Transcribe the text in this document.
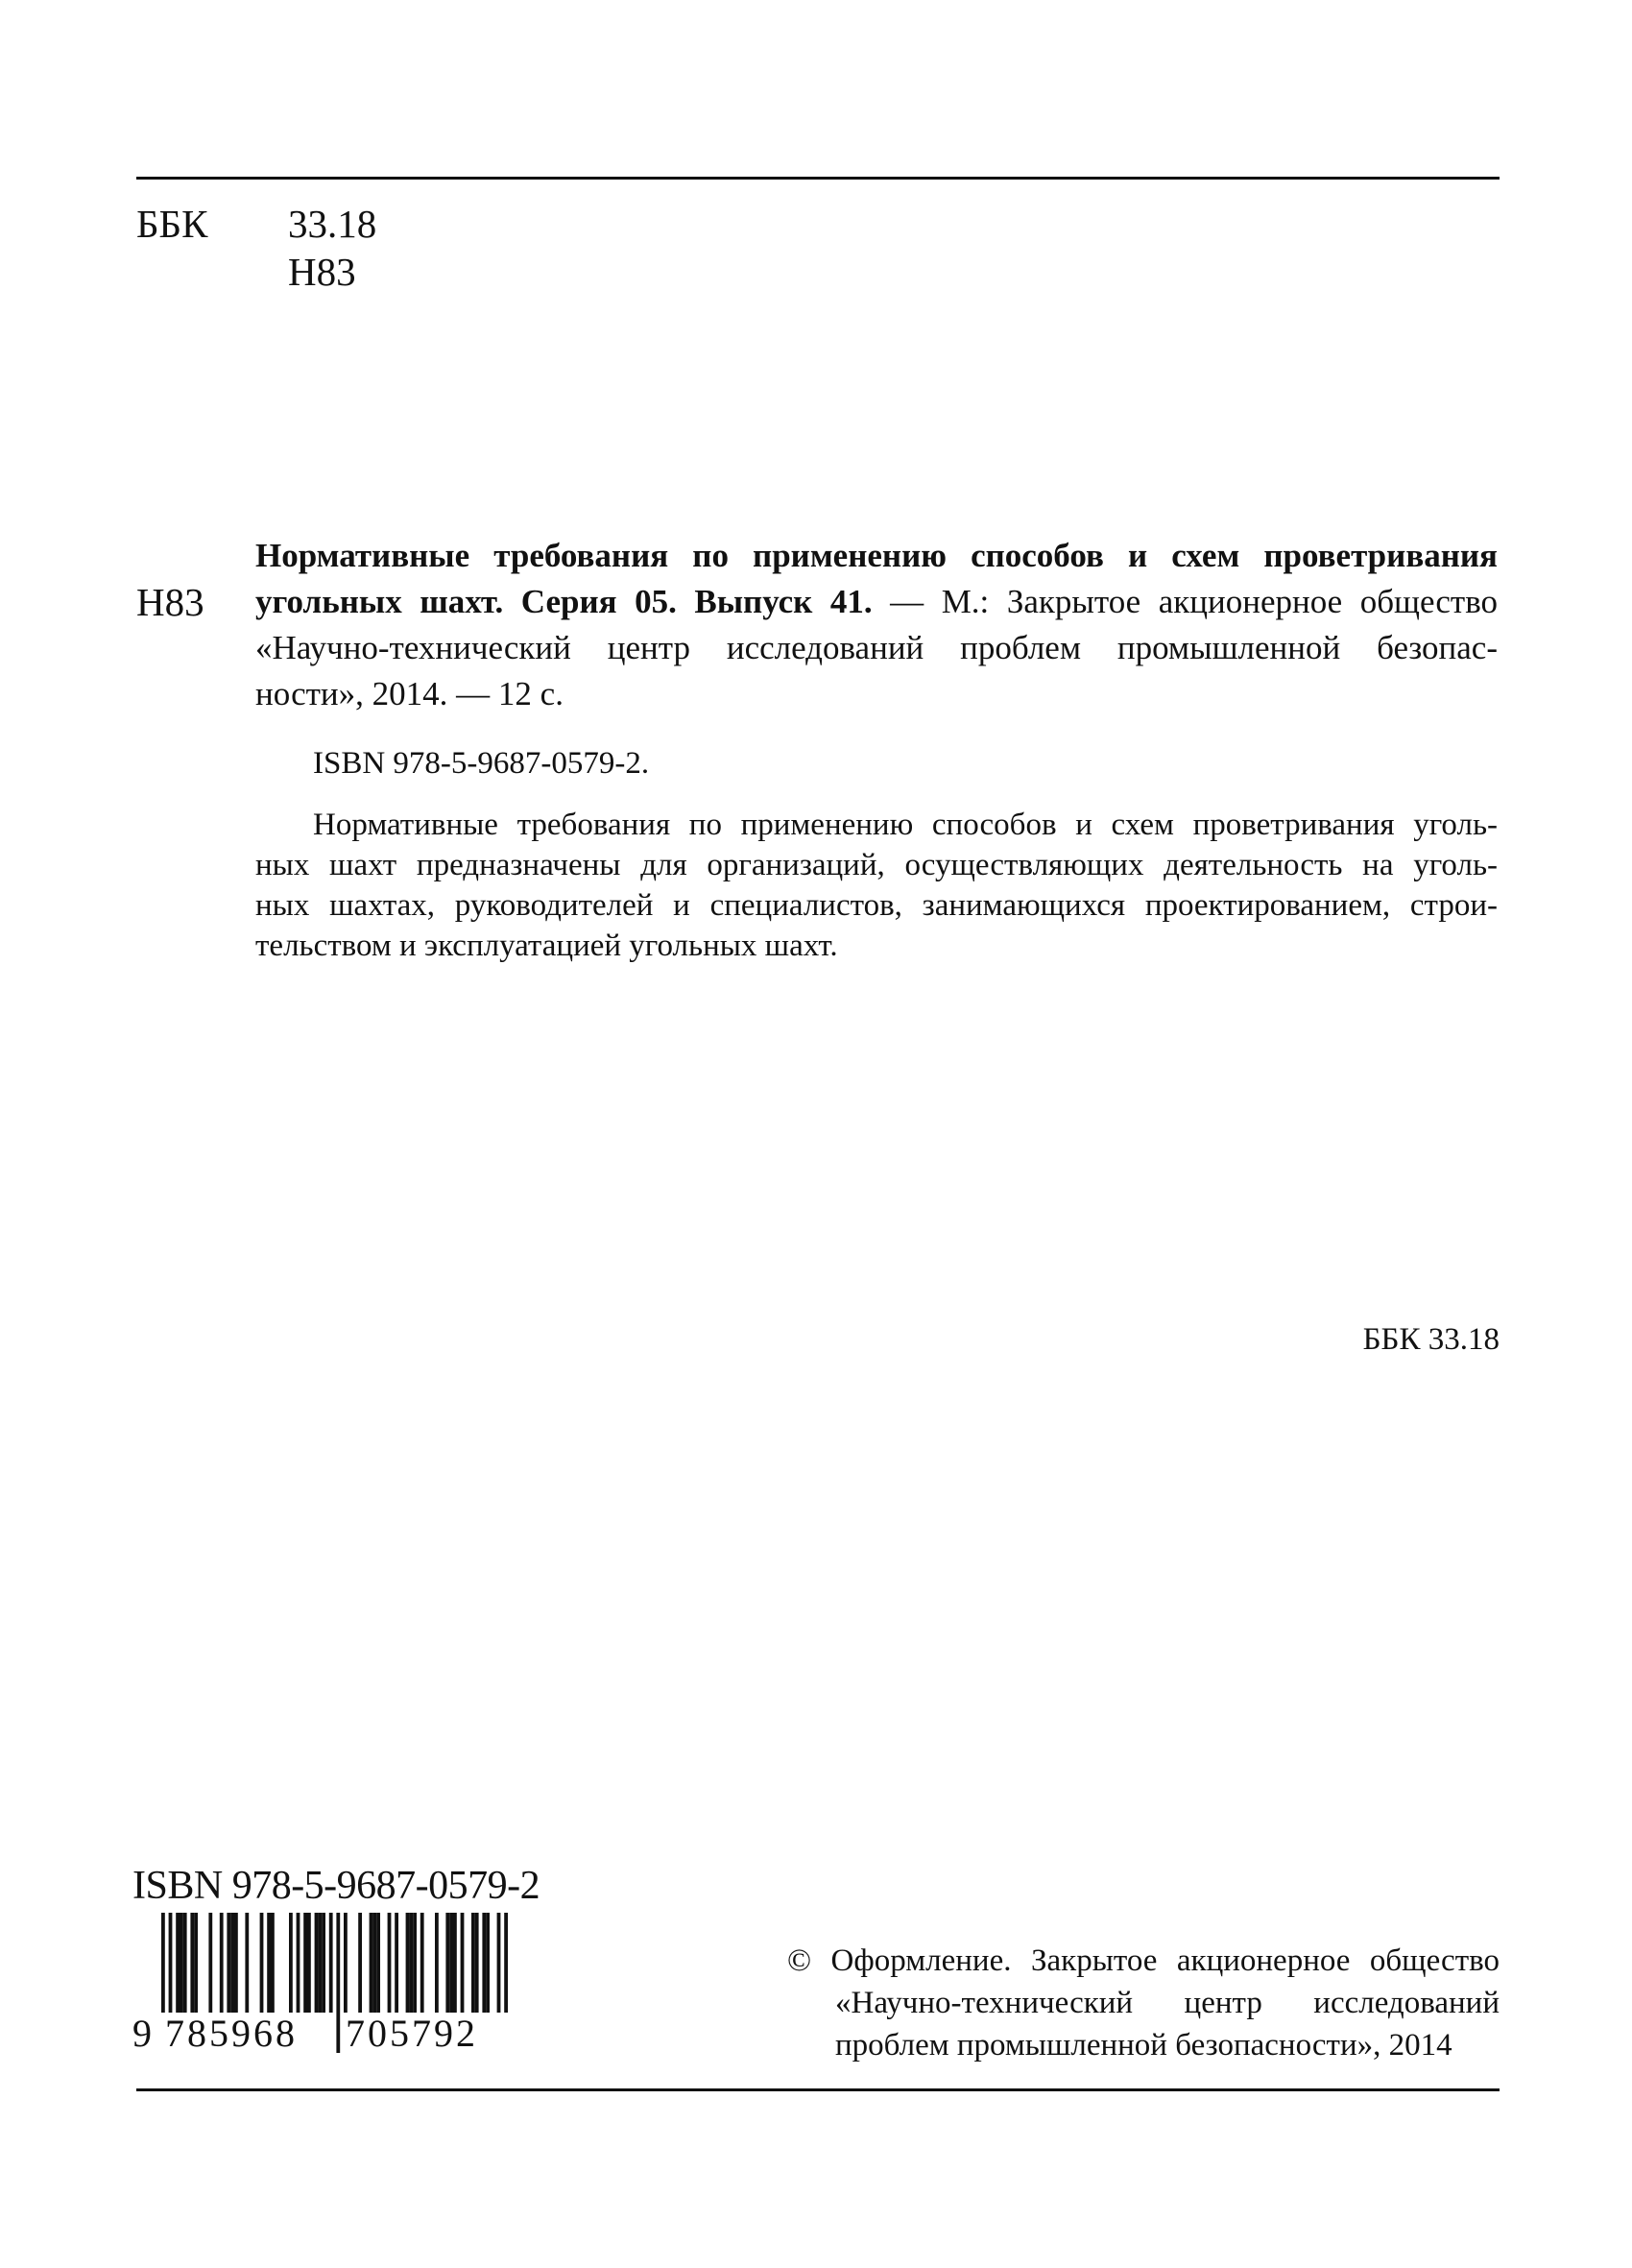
ББК 33.18
Н83
Н83
Нормативные требования по применению способов и схем проветривания
угольных шахт. Серия 05. Выпуск 41. — М.: Закрытое акционерное общество
«Научно-технический центр исследований проблем промышленной безопас-
ности», 2014. — 12 с.
ISBN 978-5-9687-0579-2.
Нормативные требования по применению способов и схем проветривания уголь-
ных шахт предназначены для организаций, осуществляющих деятельность на уголь-
ных шахтах, руководителей и специалистов, занимающихся проектированием, строи-
тельством и эксплуатацией угольных шахт.
ББК 33.18
ISBN 978-5-9687-0579-2
9 785968	705792
© Оформление. Закрытое акционерное общество
«Научно-технический центр исследований
проблем промышленной безопасности», 2014
